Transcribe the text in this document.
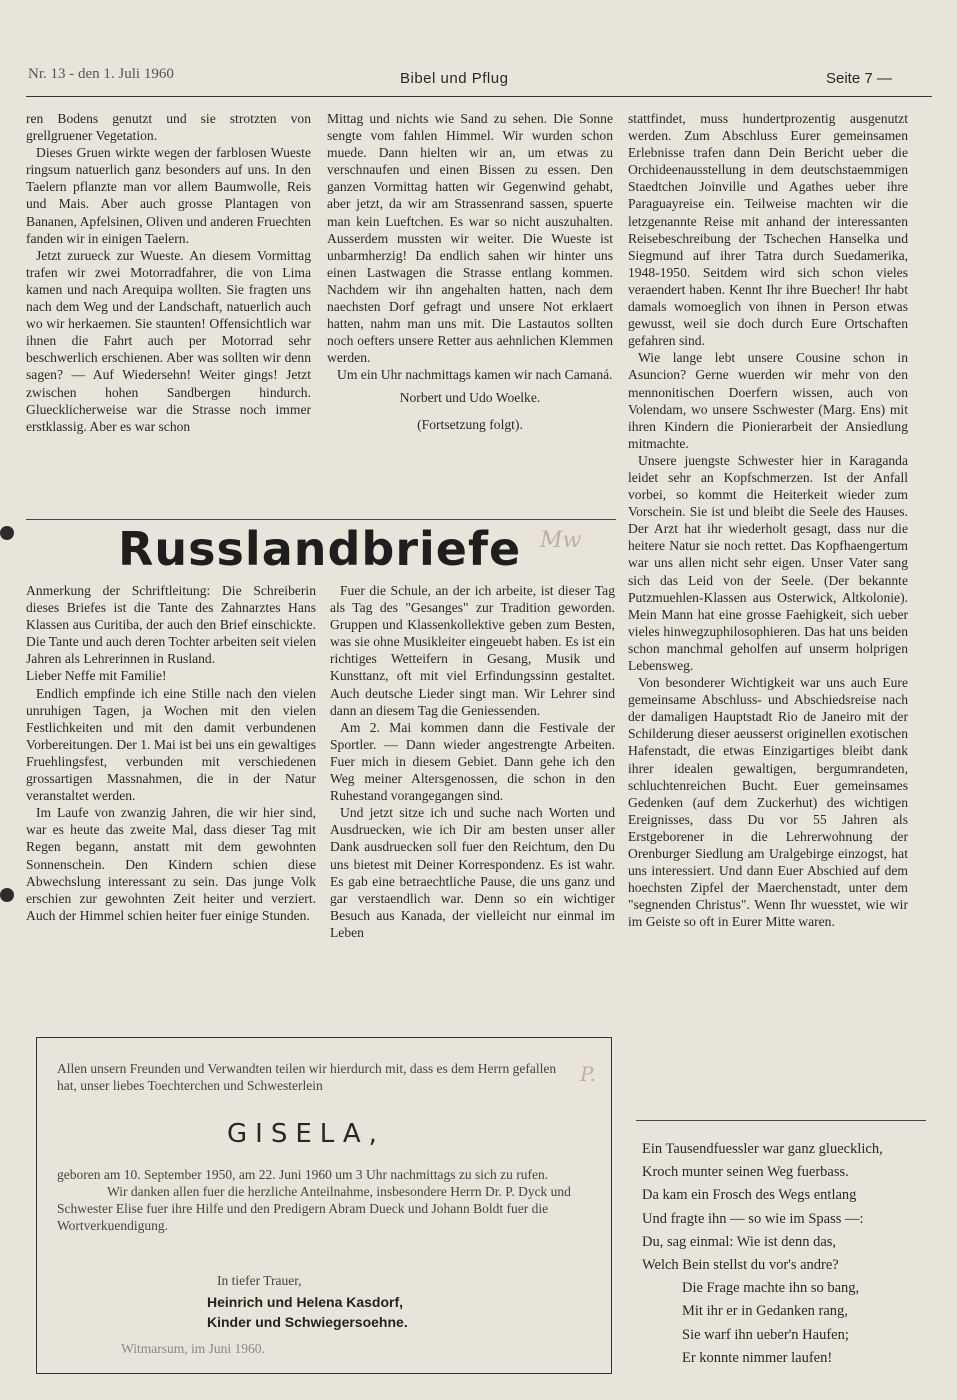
Nr. 13 - den 1. Juli 1960	Bibel und Pflug	Seite 7 —

ren Bodens genutzt und sie strotzten von grellgruener Vegetation.

Dieses Gruen wirkte wegen der farblosen Wueste ringsum natuerlich ganz besonders auf uns. In den Taelern pflanzte man vor allem Baumwolle, Reis und Mais. Aber auch grosse Plantagen von Bananen, Apfelsinen, Oliven und anderen Fruechten fanden wir in einigen Taelern.

Jetzt zurueck zur Wueste. An diesem Vormittag trafen wir zwei Motorradfahrer, die von Lima kamen und nach Arequipa wollten. Sie fragten uns nach dem Weg und der Landschaft, natuerlich auch wo wir herkaemen. Sie staunten! Offensichtlich war ihnen die Fahrt auch per Motorrad sehr beschwerlich erschienen. Aber was sollten wir denn sagen? — Auf Wiedersehn! Weiter gings! Jetzt zwischen hohen Sandbergen hindurch. Gluecklicherweise war die Strasse noch immer erstklassig. Aber es war schon

Mittag und nichts wie Sand zu sehen. Die Sonne sengte vom fahlen Himmel. Wir wurden schon muede. Dann hielten wir an, um etwas zu verschnaufen und einen Bissen zu essen. Den ganzen Vormittag hatten wir Gegenwind gehabt, aber jetzt, da wir am Strassenrand sassen, spuerte man kein Lueftchen. Es war so nicht auszuhalten. Ausserdem mussten wir weiter. Die Wueste ist unbarmherzig! Da endlich sahen wir hinter uns einen Lastwagen die Strasse entlang kommen. Nachdem wir ihn angehalten hatten, nach dem naechsten Dorf gefragt und unsere Not erklaert hatten, nahm man uns mit. Die Lastautos sollten noch oefters unsere Retter aus aehnlichen Klemmen werden.

Um ein Uhr nachmittags kamen wir nach Camaná.

Norbert und Udo Woelke.

(Fortsetzung folgt).

stattfindet, muss hundertprozentig ausgenutzt werden. Zum Abschluss Eurer gemeinsamen Erlebnisse trafen dann Dein Bericht ueber die Orchideenausstellung in dem deutschstaemmigen Staedtchen Joinville und Agathes ueber ihre Paraguayreise ein. Teilweise machten wir die letzgenannte Reise mit anhand der interessanten Reisebeschreibung der Tschechen Hanselka und Siegmund auf ihrer Tatra durch Suedamerika, 1948-1950. Seitdem wird sich schon vieles veraendert haben. Kennt Ihr ihre Buecher! Ihr habt damals womoeglich von ihnen in Person etwas gewusst, weil sie doch durch Eure Ortschaften gefahren sind.

Wie lange lebt unsere Cousine schon in Asuncion? Gerne wuerden wir mehr von den mennonitischen Doerfern wissen, auch von Volendam, wo unsere Sschwester (Marg. Ens) mit ihren Kindern die Pionierarbeit der Ansiedlung mitmachte.

Unsere juengste Schwester hier in Karaganda leidet sehr an Kopfschmerzen. Ist der Anfall vorbei, so kommt die Heiterkeit wieder zum Vorschein. Sie ist und bleibt die Seele des Hauses. Der Arzt hat ihr wiederholt gesagt, dass nur die heitere Natur sie noch rettet. Das Kopfhaengertum war uns allen nicht sehr eigen. Unser Vater sang sich das Leid von der Seele. (Der bekannte Putzmuehlen-Klassen aus Osterwick, Altkolonie). Mein Mann hat eine grosse Faehigkeit, sich ueber vieles hinwegzuphilosophieren. Das hat uns beiden schon manchmal geholfen auf unserm holprigen Lebensweg.

Von besonderer Wichtigkeit war uns auch Eure gemeinsame Abschluss- und Abschiedsreise nach der damaligen Hauptstadt Rio de Janeiro mit der Schilderung dieser aeusserst originellen exotischen Hafenstadt, die etwas Einzigartiges bleibt dank ihrer idealen gewaltigen, bergumrandeten, schluchtenreichen Bucht. Euer gemeinsames Gedenken (auf dem Zuckerhut) des wichtigen Ereignisses, dass Du vor 55 Jahren als Erstgeborener in die Lehrerwohnung der Orenburger Siedlung am Uralgebirge einzogst, hat uns interessiert. Und dann Euer Abschied auf dem hoechsten Zipfel der Maerchenstadt, unter dem "segnenden Christus". Wenn Ihr wuesstet, wie wir im Geiste so oft in Eurer Mitte waren.

Russlandbriefe Mw

Anmerkung der Schriftleitung: Die Schreiberin dieses Briefes ist die Tante des Zahnarztes Hans Klassen aus Curitiba, der auch den Brief einschickte. Die Tante und auch deren Tochter arbeiten seit vielen Jahren als Lehrerinnen in Rusland.

Lieber Neffe mit Familie!

Endlich empfinde ich eine Stille nach den vielen unruhigen Tagen, ja Wochen mit den vielen Festlichkeiten und mit den damit verbundenen Vorbereitungen. Der 1. Mai ist bei uns ein gewaltiges Fruehlingsfest, verbunden mit verschiedenen grossartigen Massnahmen, die in der Natur veranstaltet werden.

Im Laufe von zwanzig Jahren, die wir hier sind, war es heute das zweite Mal, dass dieser Tag mit Regen begann, anstatt mit dem gewohnten Sonnenschein. Den Kindern schien diese Abwechslung interessant zu sein. Das junge Volk erschien zur gewohnten Zeit heiter und verziert. Auch der Himmel schien heiter fuer einige Stunden.

Fuer die Schule, an der ich arbeite, ist dieser Tag als Tag des "Gesanges" zur Tradition geworden. Gruppen und Klassenkollektive geben zum Besten, was sie ohne Musikleiter eingeuebt haben. Es ist ein richtiges Wetteifern in Gesang, Musik und Kunsttanz, oft mit viel Erfindungssinn gestaltet. Auch deutsche Lieder singt man. Wir Lehrer sind dann an diesem Tag die Geniessenden.

Am 2. Mai kommen dann die Festivale der Sportler. — Dann wieder angestrengte Arbeiten. Fuer mich in diesem Gebiet. Dann gehe ich den Weg meiner Altersgenossen, die schon in den Ruhestand vorangegangen sind.

Und jetzt sitze ich und suche nach Worten und Ausdruecken, wie ich Dir am besten unser aller Dank ausdruecken soll fuer den Reichtum, den Du uns bietest mit Deiner Korrespondenz. Es ist wahr. Es gab eine betraechtliche Pause, die uns ganz und gar verstaendlich war. Denn so ein wichtiger Besuch aus Kanada, der vielleicht nur einmal im Leben

Allen unsern Freunden und Verwandten teilen wir hierdurch mit, dass es dem Herrn gefallen hat, unser liebes Toechterchen und Schwesterlein
GISELA,
geboren am 10. September 1950, am 22. Juni 1960 um 3 Uhr nachmittags zu sich zu rufen.
Wir danken allen fuer die herzliche Anteilnahme, insbesondere Herrn Dr. P. Dyck und Schwester Elise fuer ihre Hilfe und den Predigern Abram Dueck und Johann Boldt fuer die Wortverkuendigung.
In tiefer Trauer,
Heinrich und Helena Kasdorf,
Kinder und Schwiegersoehne.
Witmarsum, im Juni 1960.
P.
Ein Tausendfuessler war ganz gluecklich,
Kroch munter seinen Weg fuerbass.
Da kam ein Frosch des Wegs entlang
Und fragte ihn — so wie im Spass —:
Du, sag einmal: Wie ist denn das,
Welch Bein stellst du vor's andre?
Die Frage machte ihn so bang,
Mit ihr er in Gedanken rang,
Sie warf ihn ueber'n Haufen;
Er konnte nimmer laufen!
